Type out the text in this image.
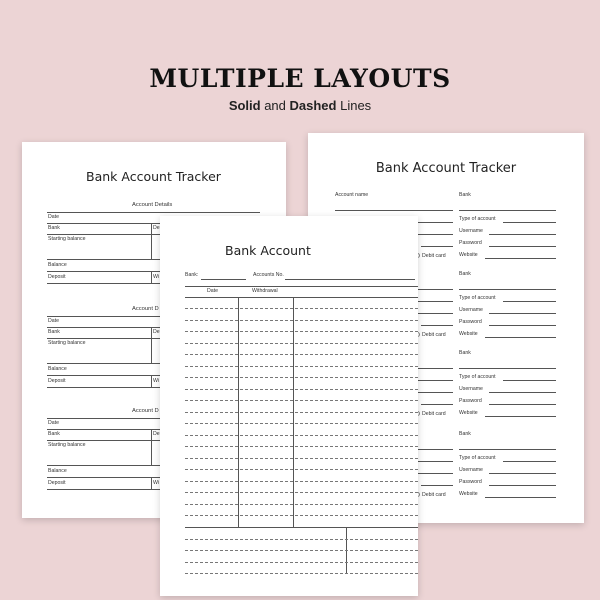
MULTIPLE LAYOUTS
Solid and Dashed Lines
Bank Account Tracker
Account Details
Date
Bank	De
Starting balance
Balance
Deposit	Wi
Account D
Date
Bank	De
Starting balance
Balance
Deposit	Wi
Account D
Date
Bank	De
Starting balance
Balance
Deposit	Wi
Bank Account Tracker
Account name	Bank
Type of account
Username
Password
Debit card	Website
Bank
Type of account
Username
Password
Debit card	Website
Bank
Type of account
Username
Password
Debit card	Website
Bank
Type of account
Username
Password
Debit card	Website
Bank Account
Bank:	Accounts No.
Date	Withdrawal
